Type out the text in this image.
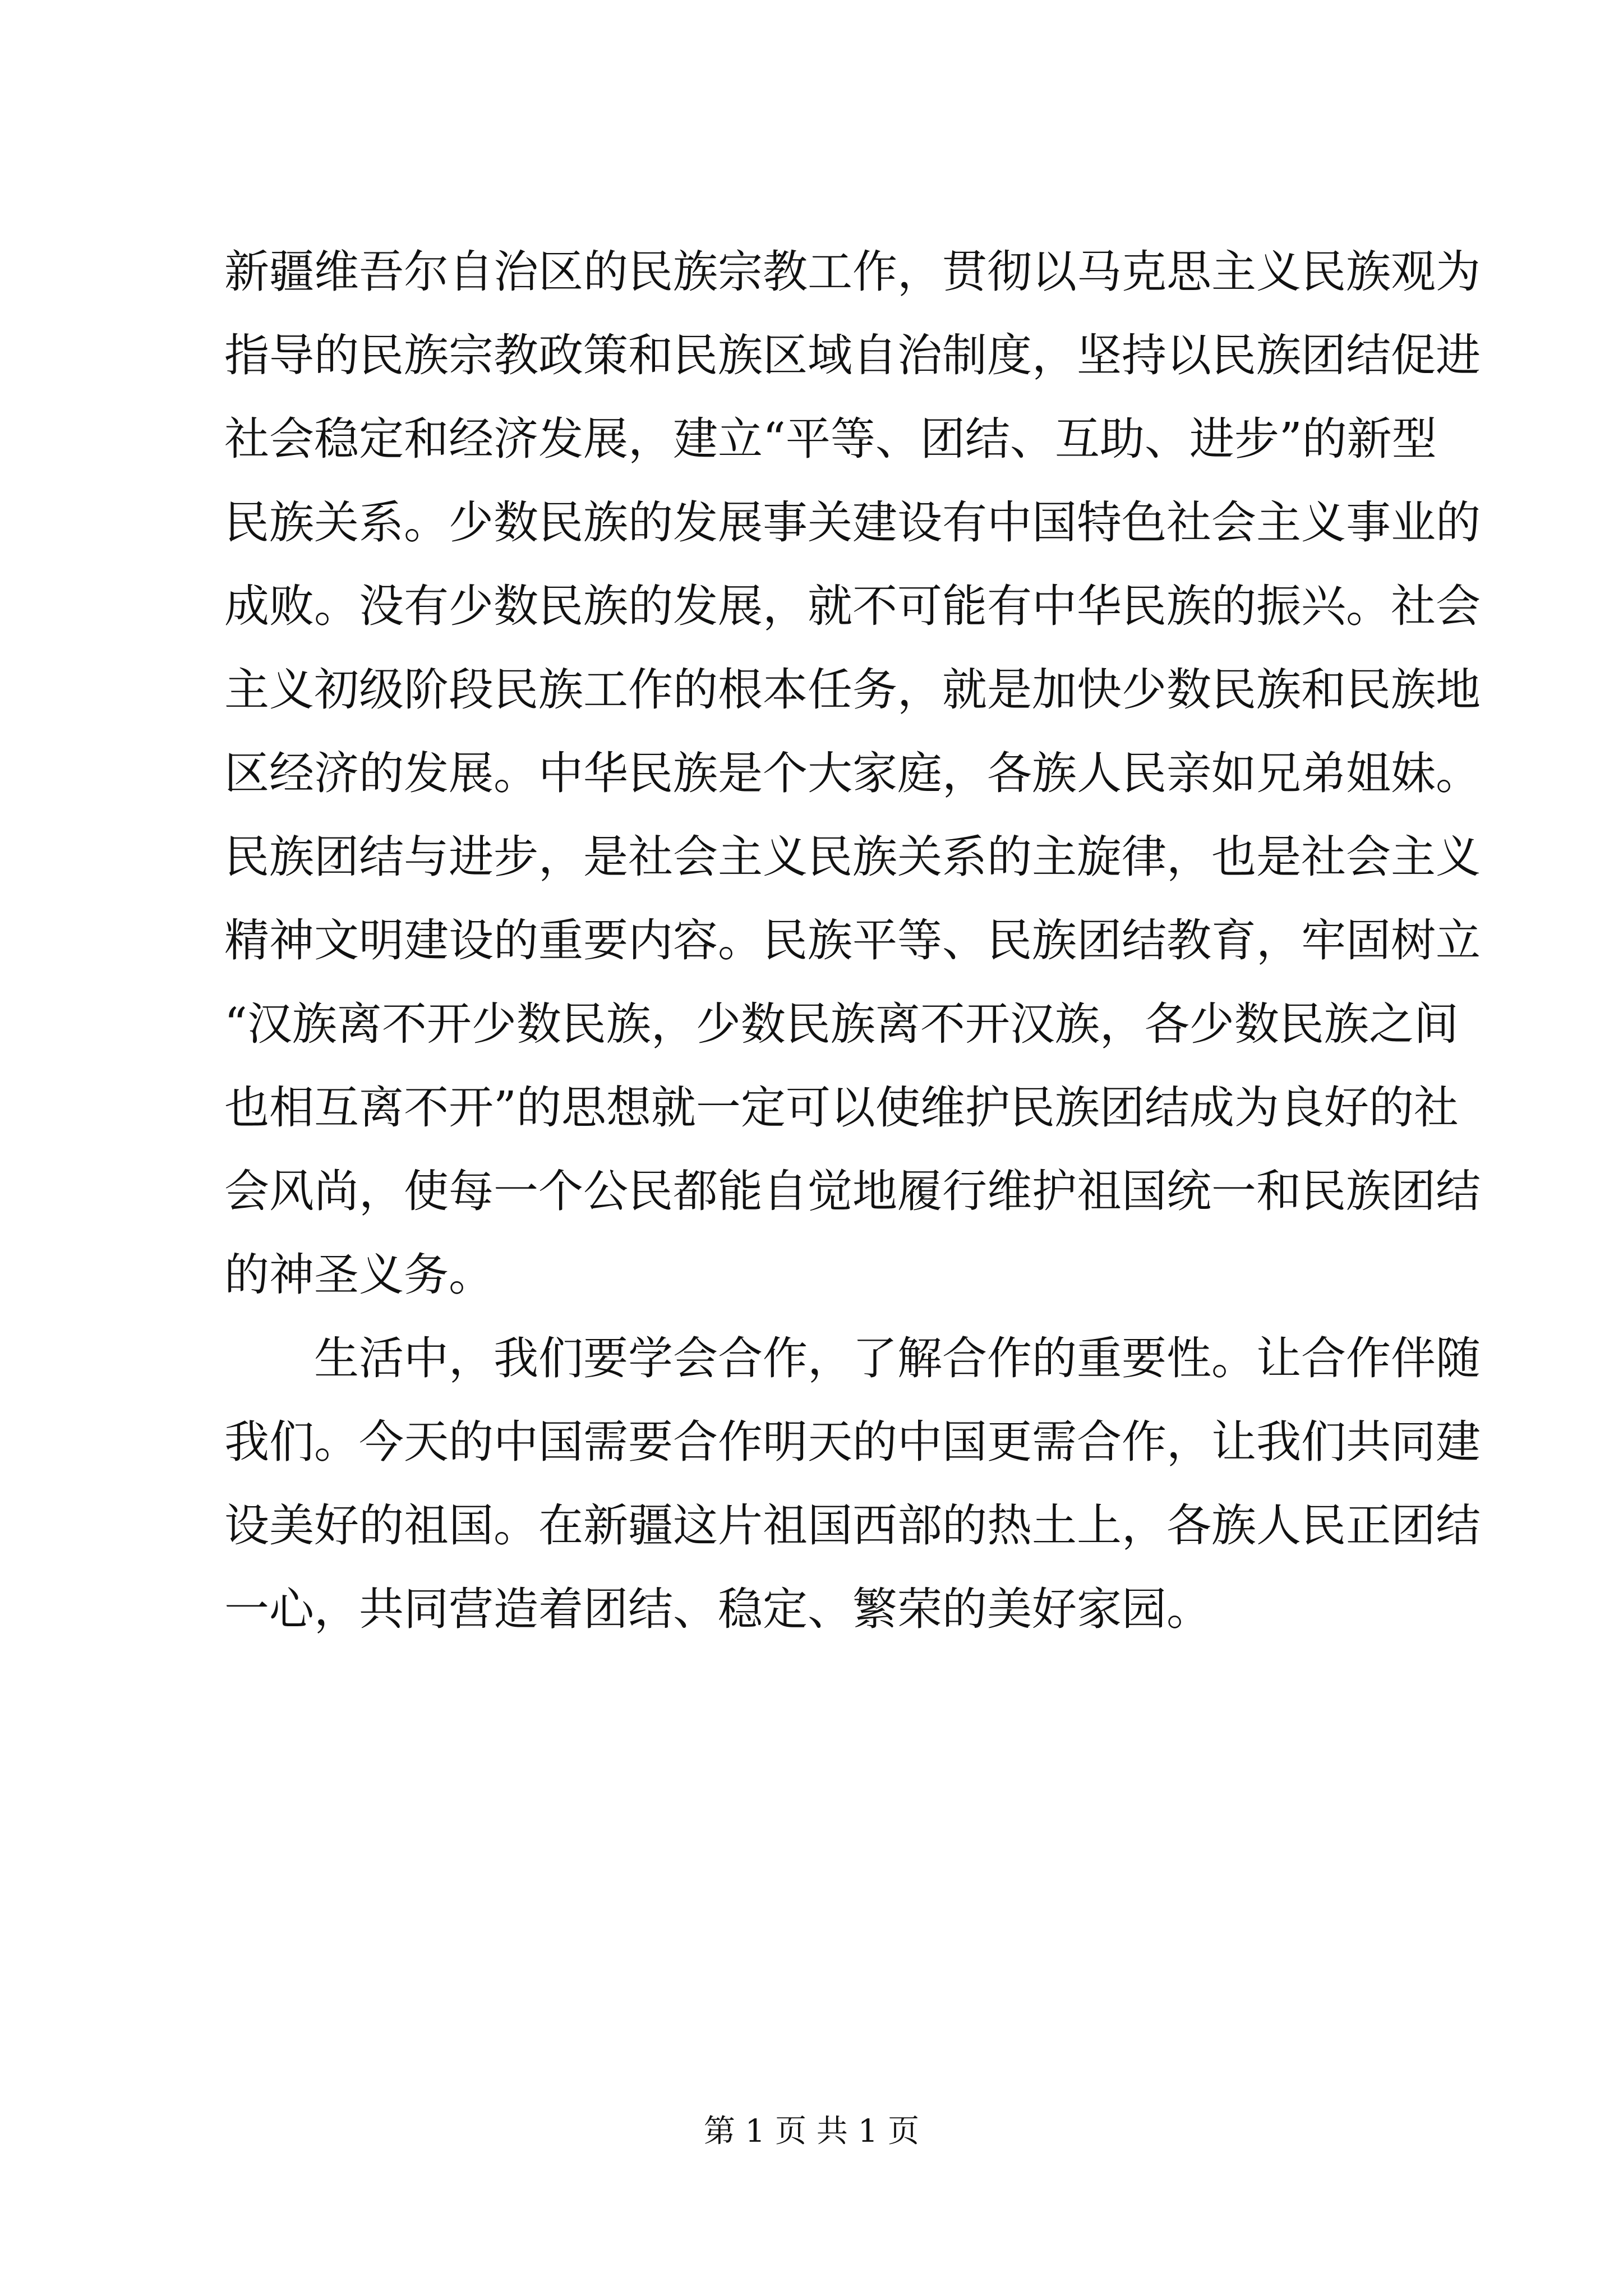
新疆维吾尔自治区的民族宗教工作，贯彻以马克思主义民族观为
指导的民族宗教政策和民族区域自治制度，坚持以民族团结促进
社会稳定和经济发展，建立“平等、团结、互助、进步”的新型
民族关系。少数民族的发展事关建设有中国特色社会主义事业的
成败。没有少数民族的发展，就不可能有中华民族的振兴。社会
主义初级阶段民族工作的根本任务，就是加快少数民族和民族地
区经济的发展。中华民族是个大家庭，各族人民亲如兄弟姐妹。
民族团结与进步，是社会主义民族关系的主旋律，也是社会主义
精神文明建设的重要内容。民族平等、民族团结教育，牢固树立
“汉族离不开少数民族，少数民族离不开汉族，各少数民族之间
也相互离不开”的思想就一定可以使维护民族团结成为良好的社
会风尚，使每一个公民都能自觉地履行维护祖国统一和民族团结
的神圣义务。
生活中，我们要学会合作，了解合作的重要性。让合作伴随
我们。今天的中国需要合作明天的中国更需合作，让我们共同建
设美好的祖国。在新疆这片祖国西部的热土上，各族人民正团结
一心，共同营造着团结、稳定、繁荣的美好家园。
第 1 页 共 1 页
